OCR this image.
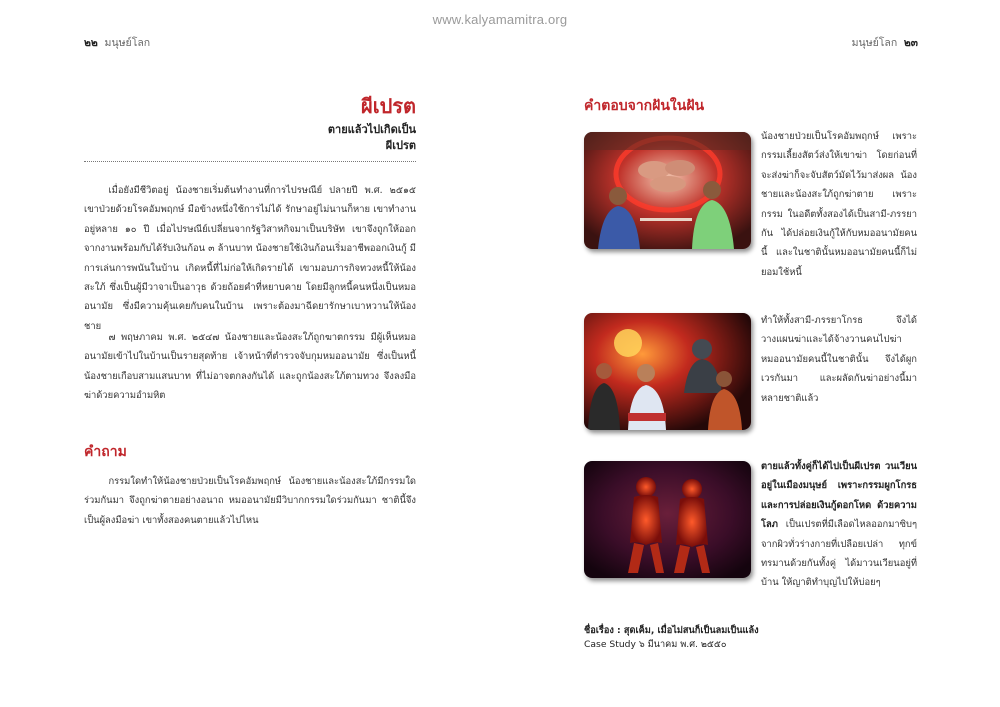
www.kalyamamitra.org
๒๒ มนุษย์โลก	มนุษย์โลก ๒๓
ผีเปรต
ตายแล้วไปเกิดเป็น
ผีเปรต

เมื่อยังมีชีวิตอยู่ น้องชายเริ่มต้นทำงานที่การไปรษณีย์ ปลายปี พ.ศ. ๒๕๑๕ เขาป่วยด้วยโรคอัมพฤกษ์ มือข้างหนึ่งใช้การไม่ได้ รักษาอยู่ไม่นานก็หาย เขาทำงานอยู่หลาย ๑๐ ปี เมื่อไปรษณีย์เปลี่ยนจากรัฐวิสาหกิจมาเป็นบริษัท เขาจึงถูกให้ออกจากงานพร้อมกับได้รับเงินก้อน ๓ ล้านบาท น้องชายใช้เงินก้อนเริ่มอาชีพออกเงินกู้ มีการเล่นการพนันในบ้าน เกิดหนี้ที่ไม่ก่อให้เกิดรายได้ เขามอบภารกิจทวงหนี้ให้น้องสะใภ้ ซึ่งเป็นผู้มีวาจาเป็นอาวุธ ด้วยถ้อยคำที่หยาบคาย โดยมีลูกหนี้คนหนึ่งเป็นหมออนามัย ซึ่งมีความคุ้นเคยกับคนในบ้าน เพราะต้องมาฉีดยารักษาเบาหวานให้น้องชาย

๗ พฤษภาคม พ.ศ. ๒๕๔๗ น้องชายและน้องสะใภ้ถูกฆาตกรรม มีผู้เห็นหมออนามัยเข้าไปในบ้านเป็นรายสุดท้าย เจ้าหน้าที่ตำรวจจับกุมหมออนามัย ซึ่งเป็นหนี้น้องชายเกือบสามแสนบาท ที่ไม่อาจตกลงกันได้ และถูกน้องสะใภ้ตามทวง จึงลงมือฆ่าด้วยความอำมหิต

คำถาม

กรรมใดทำให้น้องชายป่วยเป็นโรคอัมพฤกษ์ น้องชายและน้องสะใภ้มีกรรมใดร่วมกันมา จึงถูกฆ่าตายอย่างอนาถ หมออนามัยมีวิบากกรรมใดร่วมกันมา ชาตินี้จึงเป็นผู้ลงมือฆ่า เขาทั้งสองคนตายแล้วไปไหน

คำตอบจากฝันในฝัน

น้องชายป่วยเป็นโรคอัมพฤกษ์ เพราะกรรมเลี้ยงสัตว์ส่งให้เขาฆ่า โดยก่อนที่จะส่งฆ่าก็จะจับสัตว์มัดไว้มาส่งผล น้องชายและน้องสะใภ้ถูกฆ่าตาย เพราะกรรม ในอดีตทั้งสองได้เป็นสามี-ภรรยากัน ได้ปล่อยเงินกู้ให้กับหมออนามัยคนนี้ และในชาตินั้นหมออนามัยคนนี้ก็ไม่ยอมใช้หนี้

ทำให้ทั้งสามี-ภรรยาโกรธ จึงได้วางแผนฆ่าและได้จ้างวานคนไปฆ่าหมออนามัยคนนี้ในชาตินั้น จึงได้ผูกเวรกันมา และผลัดกันฆ่าอย่างนี้มาหลายชาติแล้ว

ตายแล้วทั้งคู่ก็ได้ไปเป็นผีเปรต วนเวียนอยู่ในเมืองมนุษย์ เพราะกรรมผูกโกรธ และการปล่อยเงินกู้ดอกโหด ด้วยความโลภ เป็นเปรตที่มีเลือดไหลออกมาซิบๆ จากผิวทั่วร่างกายที่เปลือยเปล่า ทุกข์ทรมานด้วยกันทั้งคู่ ได้มาวนเวียนอยู่ที่บ้าน ให้ญาติทำบุญไปให้บ่อยๆ

ชื่อเรื่อง : สุดเค็ม, เมื่อไม่สนก็เป็นลมเป็นแล้ง
Case Study ๖ มีนาคม พ.ศ. ๒๕๕๐
